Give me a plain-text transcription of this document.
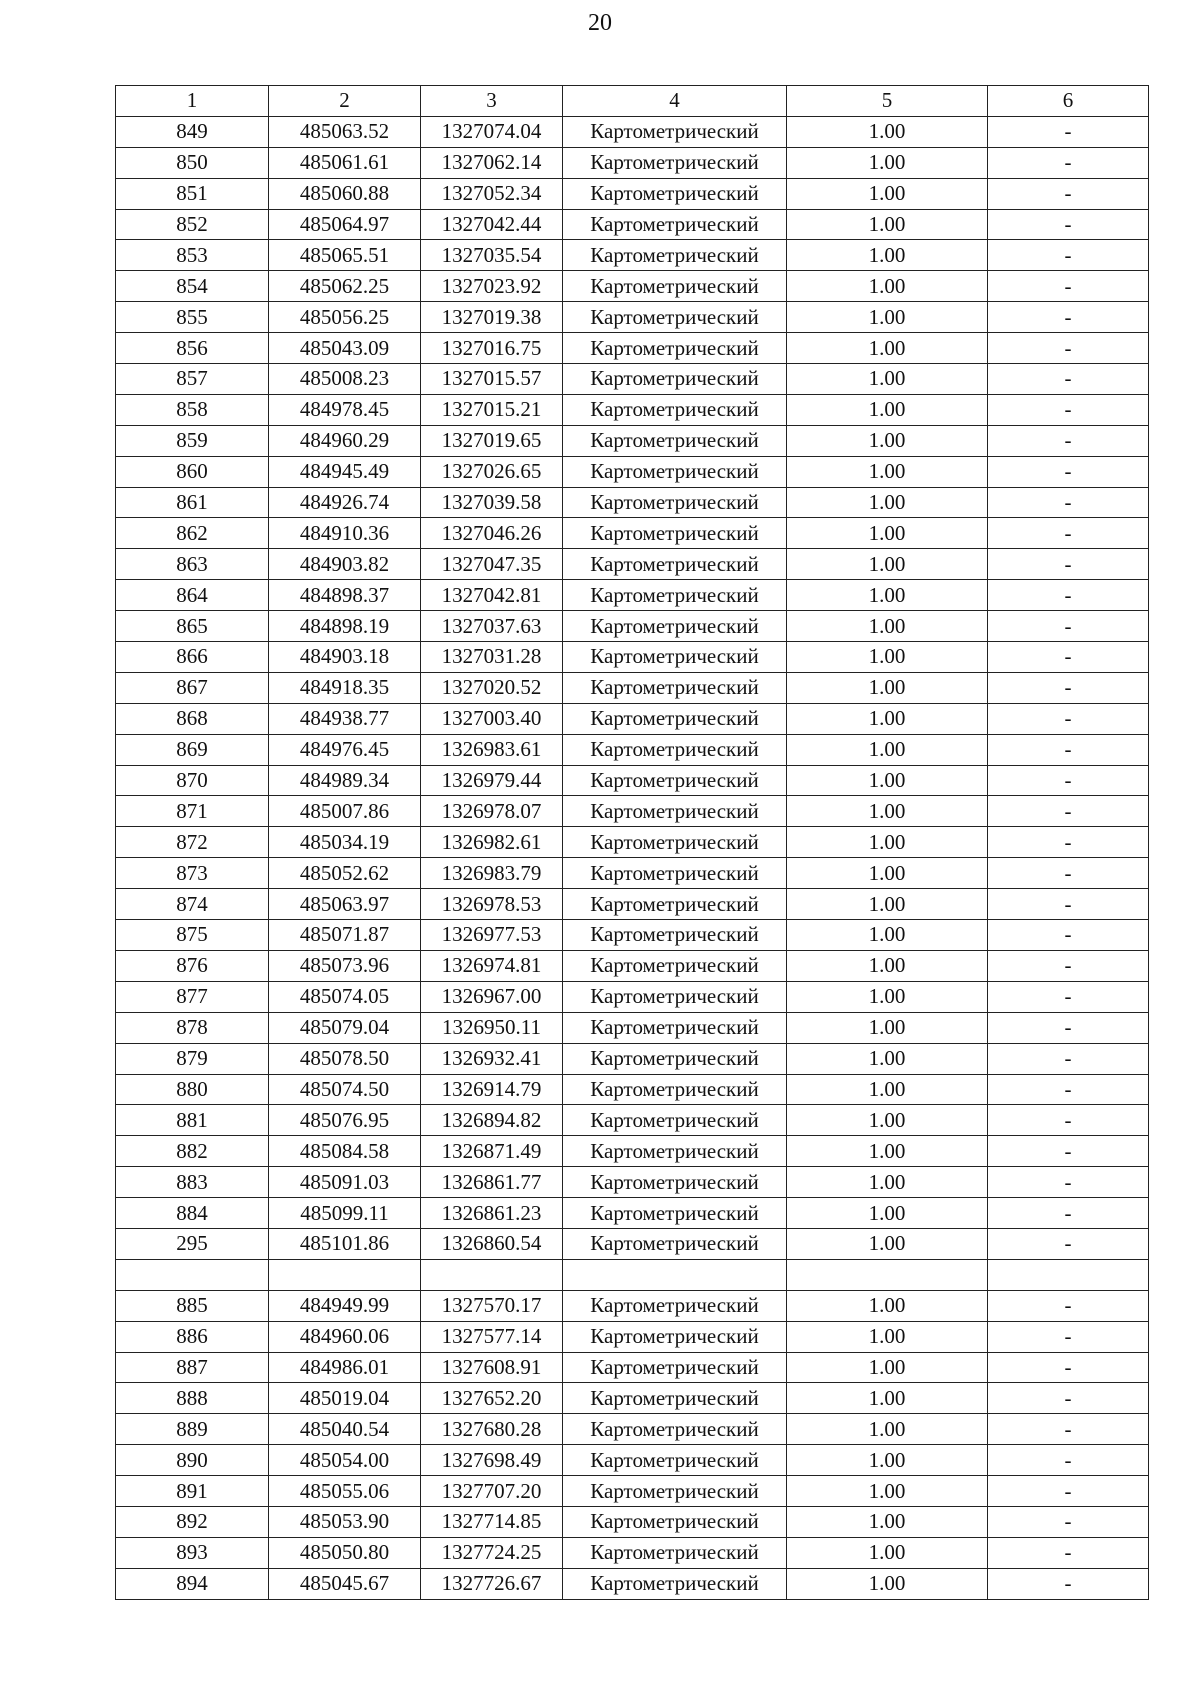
20
1	2	3	4	5	6
849	485063.52	1327074.04	Картометрический	1.00	-
850	485061.61	1327062.14	Картометрический	1.00	-
851	485060.88	1327052.34	Картометрический	1.00	-
852	485064.97	1327042.44	Картометрический	1.00	-
853	485065.51	1327035.54	Картометрический	1.00	-
854	485062.25	1327023.92	Картометрический	1.00	-
855	485056.25	1327019.38	Картометрический	1.00	-
856	485043.09	1327016.75	Картометрический	1.00	-
857	485008.23	1327015.57	Картометрический	1.00	-
858	484978.45	1327015.21	Картометрический	1.00	-
859	484960.29	1327019.65	Картометрический	1.00	-
860	484945.49	1327026.65	Картометрический	1.00	-
861	484926.74	1327039.58	Картометрический	1.00	-
862	484910.36	1327046.26	Картометрический	1.00	-
863	484903.82	1327047.35	Картометрический	1.00	-
864	484898.37	1327042.81	Картометрический	1.00	-
865	484898.19	1327037.63	Картометрический	1.00	-
866	484903.18	1327031.28	Картометрический	1.00	-
867	484918.35	1327020.52	Картометрический	1.00	-
868	484938.77	1327003.40	Картометрический	1.00	-
869	484976.45	1326983.61	Картометрический	1.00	-
870	484989.34	1326979.44	Картометрический	1.00	-
871	485007.86	1326978.07	Картометрический	1.00	-
872	485034.19	1326982.61	Картометрический	1.00	-
873	485052.62	1326983.79	Картометрический	1.00	-
874	485063.97	1326978.53	Картометрический	1.00	-
875	485071.87	1326977.53	Картометрический	1.00	-
876	485073.96	1326974.81	Картометрический	1.00	-
877	485074.05	1326967.00	Картометрический	1.00	-
878	485079.04	1326950.11	Картометрический	1.00	-
879	485078.50	1326932.41	Картометрический	1.00	-
880	485074.50	1326914.79	Картометрический	1.00	-
881	485076.95	1326894.82	Картометрический	1.00	-
882	485084.58	1326871.49	Картометрический	1.00	-
883	485091.03	1326861.77	Картометрический	1.00	-
884	485099.11	1326861.23	Картометрический	1.00	-
295	485101.86	1326860.54	Картометрический	1.00	-

885	484949.99	1327570.17	Картометрический	1.00	-
886	484960.06	1327577.14	Картометрический	1.00	-
887	484986.01	1327608.91	Картометрический	1.00	-
888	485019.04	1327652.20	Картометрический	1.00	-
889	485040.54	1327680.28	Картометрический	1.00	-
890	485054.00	1327698.49	Картометрический	1.00	-
891	485055.06	1327707.20	Картометрический	1.00	-
892	485053.90	1327714.85	Картометрический	1.00	-
893	485050.80	1327724.25	Картометрический	1.00	-
894	485045.67	1327726.67	Картометрический	1.00	-
